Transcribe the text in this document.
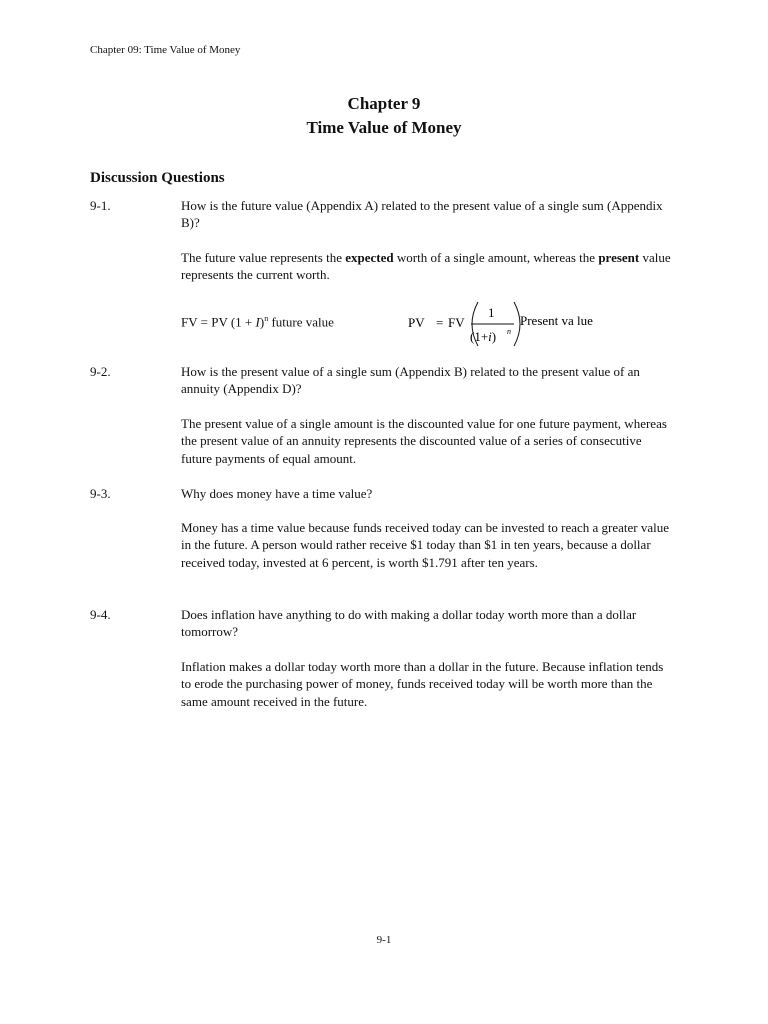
Chapter 09: Time Value of Money
Chapter 9
Time Value of Money
Discussion Questions
9-1.	How is the future value (Appendix A) related to the present value of a single sum (Appendix B)?
The future value represents the expected worth of a single amount, whereas the present value represents the current worth.
FV = PV $(1 + I)^n$ future value	PV = FV
1
(1+i) n
Present va lue
9-2.	How is the present value of a single sum (Appendix B) related to the present value of an annuity (Appendix D)?
The present value of a single amount is the discounted value for one future payment, whereas the present value of an annuity represents the discounted value of a series of consecutive future payments of equal amount.
9-3.	Why does money have a time value?
Money has a time value because funds received today can be invested to reach a greater value in the future. A person would rather receive $1 today than $1 in ten years, because a dollar received today, invested at 6 percent, is worth $1.791 after ten years.
9-4.	Does inflation have anything to do with making a dollar today worth more than a dollar tomorrow?
Inflation makes a dollar today worth more than a dollar in the future. Because inflation tends to erode the purchasing power of money, funds received today will be worth more than the same amount received in the future.
9-1
